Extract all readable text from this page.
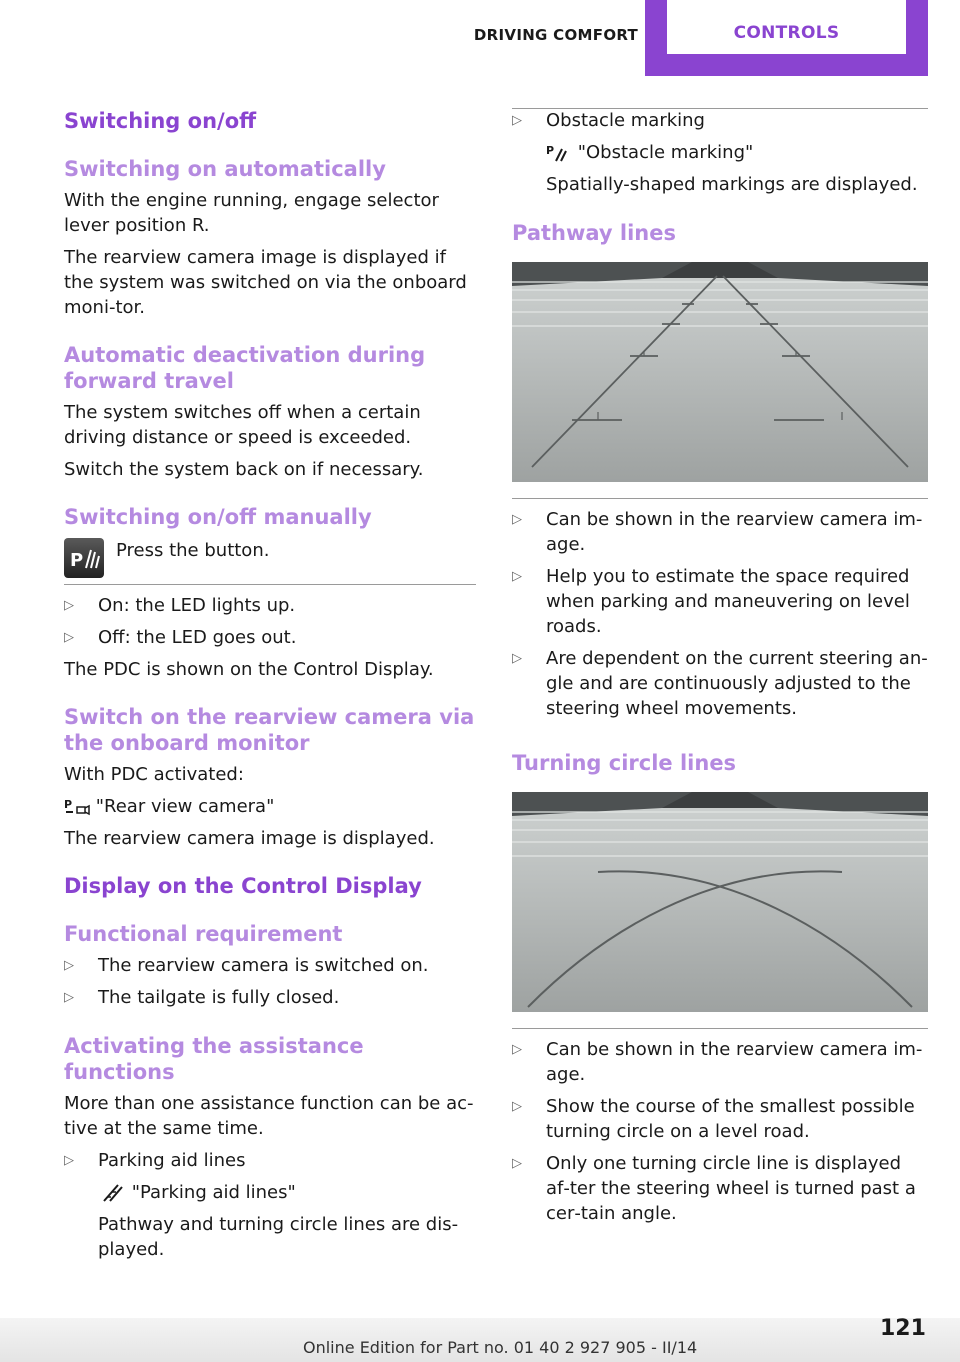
DRIVING COMFORT	CONTROLS
Switching on/off
Switching on automatically

With the engine running, engage selector lever position R.

The rearview camera image is displayed if the system was switched on via the onboard moni‐tor.

Automatic deactivation during forward travel

The system switches off when a certain driving distance or speed is exceeded.

Switch the system back on if necessary.

Switching on/off manually
P Press the button.

▷ On: the LED lights up.
▷ Off: the LED goes out.

The PDC is shown on the Control Display.

Switch on the rearview camera via the onboard monitor

With PDC activated:

P "Rear view camera"

The rearview camera image is displayed.

Display on the Control Display
Functional requirement
▷ The rearview camera is switched on.
▷ The tailgate is fully closed.
Activating the assistance functions

More than one assistance function can be ac‐tive at the same time.

▷ Parking aid lines
"Parking aid lines"
Pathway and turning circle lines are dis‐played.
▷ Obstacle marking
P "Obstacle marking"
Spatially-shaped markings are displayed.
Pathway lines
▷ Can be shown in the rearview camera im‐age.
▷ Help you to estimate the space required when parking and maneuvering on level roads.
▷ Are dependent on the current steering an‐gle and are continuously adjusted to the steering wheel movements.
Turning circle lines
▷ Can be shown in the rearview camera im‐age.
▷ Show the course of the smallest possible turning circle on a level road.
▷ Only one turning circle line is displayed af‐ter the steering wheel is turned past a cer‐tain angle.
121
Online Edition for Part no. 01 40 2 927 905 - II/14
